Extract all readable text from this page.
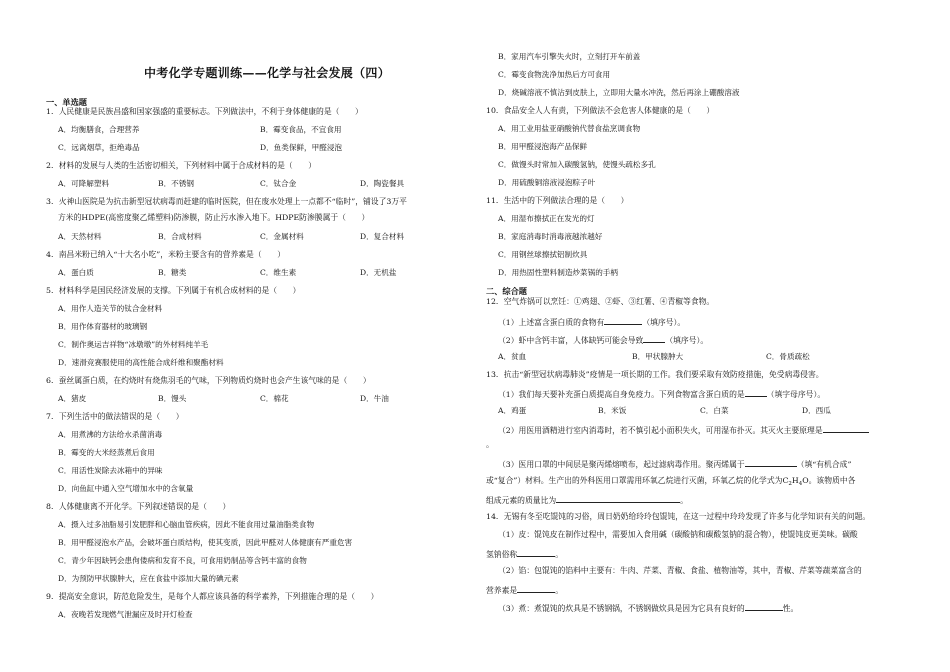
中考化学专题训练——化学与社会发展（四）
一、单选题
1．人民健康是民族昌盛和国家强盛的重要标志。下列做法中，不利于身体健康的是（　　）
A．均衡膳食，合理营养	B．霉变食品，不宜食用
C．远离烟草，拒绝毒品	D．鱼类保鲜，甲醛浸泡
2．材料的发展与人类的生活密切相关，下列材料中属于合成材料的是（　　）
A．可降解塑料	B．不锈钢	C．钛合金	D．陶瓷餐具
3．火神山医院是为抗击新型冠状病毒而赶建的临时医院，但在废水处理上一点都不“临时”，铺设了3万平
方米的HDPE(高密度聚乙烯塑料)防渗膜，防止污水渗入地下。HDPE防渗膜属于（　　）
A．天然材料	B．合成材料	C．金属材料	D．复合材料
4．南昌米粉已纳入“十大名小吃”，米粉主要含有的营养素是（　　）
A．蛋白质	B．糖类	C．维生素	D．无机盐
5．材料科学是国民经济发展的支撑。下列属于有机合成材料的是（　　）
A．用作人造关节的钛合金材料
B．用作体育器材的玻璃钢
C．制作奥运吉祥物“冰墩墩”的外材料纯羊毛
D．速滑竞赛服使用的高性能合成纤维和聚酯材料
6．蚕丝属蛋白质，在灼烧时有烧焦羽毛的气味，下列物质灼烧时也会产生该气味的是（　　）
A．猪皮	B．馒头	C．棉花	D．牛油
7．下列生活中的做法错误的是（　　）
A．用煮沸的方法给水杀菌消毒
B．霉变的大米经蒸煮后食用
C．用活性炭除去冰箱中的异味
D．向鱼缸中通入空气增加水中的含氧量
8．人体健康离不开化学。下列叙述错误的是（　　）
A．摄入过多油脂易引发肥胖和心脑血管疾病，因此不能食用过量油脂类食物
B．用甲醛浸泡水产品，会破坏蛋白质结构，使其变质，因此甲醛对人体健康有严重危害
C．青少年因缺钙会患佝偻病和发育不良，可食用奶制品等含钙丰富的食物
D．为预防甲状腺肿大，应在食盐中添加大量的碘元素
9．提高安全意识，防范危险发生，是每个人都应该具备的科学素养，下列措施合理的是（　　）
A．夜晚若发现燃气泄漏应及时开灯检查
B．家用汽车引擎失火时，立刻打开车前盖
C．霉变食物洗净加热后方可食用
D．烧碱溶液不慎沾到皮肤上，立即用大量水冲洗，然后再涂上硼酸溶液
10．食品安全人人有责，下列做法不会危害人体健康的是（　　）
A．用工业用盐亚硝酸钠代替食盐烹调食物
B．用甲醛浸泡海产品保鲜
C．做馒头时常加入碳酸氢钠，使馒头疏松多孔
D．用硫酸铜溶液浸泡粽子叶
11．生活中的下列做法合理的是（　　）
A．用湿布擦拭正在发光的灯
B．家庭消毒时消毒液越浓越好
C．用钢丝球擦拭铝制炊具
D．用热固性塑料制造炒菜锅的手柄
二、综合题
12．空气炸锅可以烹饪：①鸡翅、②虾、③红薯、④青椒等食物。
（1）上述富含蛋白质的食物有	（填序号）。
（2）虾中含钙丰富，人体缺钙可能会导致	（填序号）。
A．贫血	B．甲状腺肿大	C．骨质疏松
13．抗击“新型冠状病毒肺炎”疫情是一项长期的工作。我们要采取有效防疫措施，免受病毒侵害。
（1）我们每天要补充蛋白质提高自身免疫力。下列食物富含蛋白质的是	（填字母序号）。
A．鸡蛋	B．米饭	C．白菜	D．西瓜
（2）用医用酒精进行室内消毒时，若不慎引起小面积失火，可用湿布扑灭。其灭火主要原理是
。
（3）医用口罩的中间层是聚丙烯熔喷布，起过滤病毒作用。聚丙烯属于	（填“有机合成”
或“复合”）材料。生产出的外科医用口罩需用环氧乙烷进行灭菌，环氧乙烷的化学式为$C_2H_4O$。该物质中各
组成元素的质量比为	。
14．无锡有冬至吃馄饨的习俗，周日奶奶给玲玲包馄饨，在这一过程中玲玲发现了许多与化学知识有关的问题。
（1）皮：馄饨皮在制作过程中，需要加入食用碱（碳酸钠和碳酸氢钠的混合物），使馄饨皮更美味。碳酸
氢钠俗称	。
（2）馅：包馄饨的馅料中主要有：牛肉、芹菜、青椒、食盐、植物油等，其中，青椒、芹菜等蔬菜富含的
营养素是	。
（3）煮：煮馄饨的炊具是不锈钢锅，不锈钢做炊具是因为它具有良好的	性。
